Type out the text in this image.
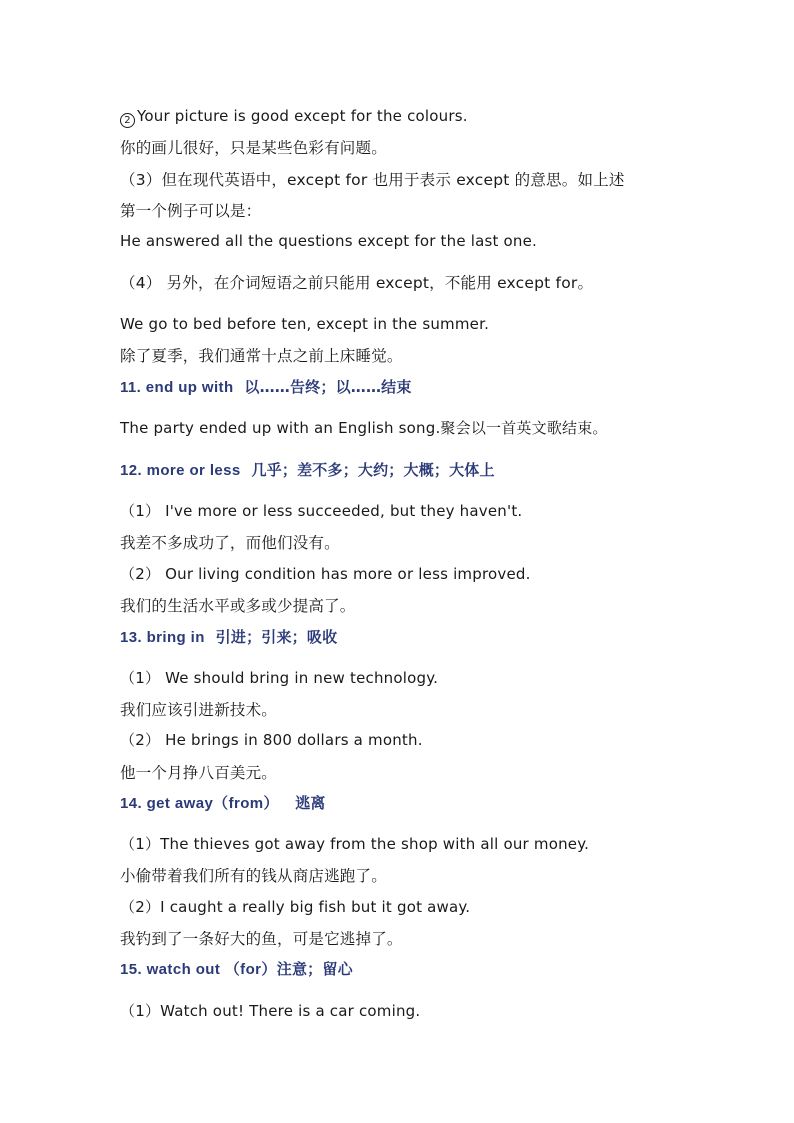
2 Your picture is good except for the colours.
你的画儿很好，只是某些色彩有问题。
（3）但在现代英语中，except for 也用于表示 except 的意思。如上述
第一个例子可以是：
He answered all the questions except for the last one.
（4） 另外，在介词短语之前只能用 except，不能用 except for。
We go to bed before ten, except in the summer.
除了夏季，我们通常十点之前上床睡觉。
11. end up with 以……告终；以……结束
The party ended up with an English song.聚会以一首英文歌结束。
12. more or less 几乎；差不多；大约；大概；大体上
（1） I've more or less succeeded, but they haven't.
我差不多成功了，而他们没有。
（2） Our living condition has more or less improved.
我们的生活水平或多或少提高了。
13. bring in 引进；引来；吸收
（1） We should bring in new technology.
我们应该引进新技术。
（2） He brings in 800 dollars a month.
他一个月挣八百美元。
14. get away（from） 逃离
（1）The thieves got away from the shop with all our money.
小偷带着我们所有的钱从商店逃跑了。
（2）I caught a really big fish but it got away.
我钓到了一条好大的鱼，可是它逃掉了。
15. watch out （for）注意；留心
（1）Watch out! There is a car coming.
